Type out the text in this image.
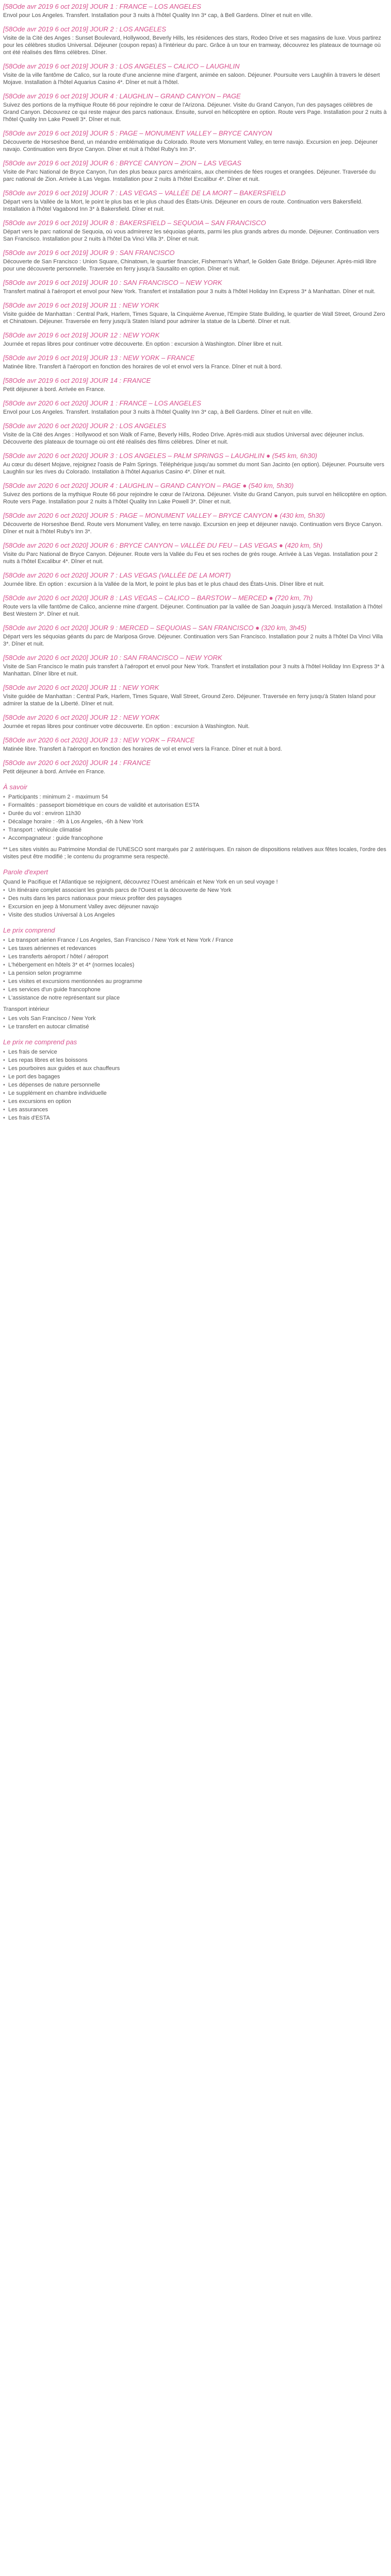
[58Ode avr 2019 6 oct 2019] JOUR 1 : FRANCE – LOS ANGELES
Envol pour Los Angeles. Transfert. Installation pour 3 nuits à l'hôtel Quality Inn 3* cap, à Bell Gardens. Dîner et nuit en ville.
[58Ode avr 2019 6 oct 2019] JOUR 2 : LOS ANGELES
Visite de la Cité des Anges : Sunset Boulevard, Hollywood, Beverly Hills, les résidences des stars, Rodeo Drive et ses magasins de luxe. Vous partirez pour les célèbres studios Universal. Déjeuner (coupon repas) à l'intérieur du parc. Grâce à un tour en tramway, découvrez les plateaux de tournage où ont été réalisés des films célèbres. Dîner.
[58Ode avr 2019 6 oct 2019] JOUR 3 : LOS ANGELES – CALICO – LAUGHLIN
Visite de la ville fantôme de Calico, sur la route d'une ancienne mine d'argent, animée en saloon. Déjeuner. Poursuite vers Laughlin à travers le désert Mojave. Installation à l'hôtel Aquarius Casino 4*. Dîner et nuit à l'hôtel.
[58Ode avr 2019 6 oct 2019] JOUR 4 : LAUGHLIN – GRAND CANYON – PAGE
Suivez des portions de la mythique Route 66 pour rejoindre le cœur de l'Arizona. Déjeuner. Visite du Grand Canyon, l'un des paysages célèbres de Grand Canyon. Découvrez ce qui reste majeur des parcs nationaux. Ensuite, survol en hélicoptère en option. Route vers Page. Installation pour 2 nuits à l'hôtel Quality Inn Lake Powell 3*. Dîner et nuit.
[58Ode avr 2019 6 oct 2019] JOUR 5 : PAGE – MONUMENT VALLEY – BRYCE CANYON
Découverte de Horseshoe Bend, un méandre emblématique du Colorado. Route vers Monument Valley, en terre navajo. Excursion en jeep. Déjeuner navajo. Continuation vers Bryce Canyon. Dîner et nuit à l'hôtel Ruby's Inn 3*.
[58Ode avr 2019 6 oct 2019] JOUR 6 : BRYCE CANYON – ZION – LAS VEGAS
Visite de Parc National de Bryce Canyon, l'un des plus beaux parcs américains, aux cheminées de fées rouges et orangées. Déjeuner. Traversée du parc national de Zion. Arrivée à Las Vegas. Installation pour 2 nuits à l'hôtel Excalibur 4*. Dîner et nuit.
[58Ode avr 2019 6 oct 2019] JOUR 7 : LAS VEGAS – VALLÉE DE LA MORT – BAKERSFIELD
Départ vers la Vallée de la Mort, le point le plus bas et le plus chaud des États-Unis. Déjeuner en cours de route. Continuation vers Bakersfield. Installation à l'hôtel Vagabond Inn 3* à Bakersfield. Dîner et nuit.
[58Ode avr 2019 6 oct 2019] JOUR 8 : BAKERSFIELD – SEQUOIA – SAN FRANCISCO
Départ vers le parc national de Sequoia, où vous admirerez les séquoias géants, parmi les plus grands arbres du monde. Déjeuner. Continuation vers San Francisco. Installation pour 2 nuits à l'hôtel Da Vinci Villa 3*. Dîner et nuit.
[58Ode avr 2019 6 oct 2019] JOUR 9 : SAN FRANCISCO
Découverte de San Francisco : Union Square, Chinatown, le quartier financier, Fisherman's Wharf, le Golden Gate Bridge. Déjeuner. Après-midi libre pour une découverte personnelle. Traversée en ferry jusqu'à Sausalito en option. Dîner et nuit.
[58Ode avr 2019 6 oct 2019] JOUR 10 : SAN FRANCISCO – NEW YORK
Transfert matinal à l'aéroport et envol pour New York. Transfert et installation pour 3 nuits à l'hôtel Holiday Inn Express 3* à Manhattan. Dîner et nuit.
[58Ode avr 2019 6 oct 2019] JOUR 11 : NEW YORK
Visite guidée de Manhattan : Central Park, Harlem, Times Square, la Cinquième Avenue, l'Empire State Building, le quartier de Wall Street, Ground Zero et Chinatown. Déjeuner. Traversée en ferry jusqu'à Staten Island pour admirer la statue de la Liberté. Dîner et nuit.
[58Ode avr 2019 6 oct 2019] JOUR 12 : NEW YORK
Journée et repas libres pour continuer votre découverte. En option : excursion à Washington. Dîner libre et nuit.
[58Ode avr 2019 6 oct 2019] JOUR 13 : NEW YORK – FRANCE
Matinée libre. Transfert à l'aéroport en fonction des horaires de vol et envol vers la France. Dîner et nuit à bord.
[58Ode avr 2019 6 oct 2019] JOUR 14 : FRANCE
Petit déjeuner à bord. Arrivée en France.
[58Ode avr 2020 6 oct 2020] JOUR 1 : FRANCE – LOS ANGELES
Envol pour Los Angeles. Transfert. Installation pour 3 nuits à l'hôtel Quality Inn 3* cap, à Bell Gardens. Dîner et nuit en ville.
[58Ode avr 2020 6 oct 2020] JOUR 2 : LOS ANGELES
Visite de la Cité des Anges : Hollywood et son Walk of Fame, Beverly Hills, Rodeo Drive. Après-midi aux studios Universal avec déjeuner inclus. Découverte des plateaux de tournage où ont été réalisés des films célèbres. Dîner et nuit.
[58Ode avr 2020 6 oct 2020] JOUR 3 : LOS ANGELES – PALM SPRINGS – LAUGHLIN ● (545 km, 6h30)
Au cœur du désert Mojave, rejoignez l'oasis de Palm Springs. Téléphérique jusqu'au sommet du mont San Jacinto (en option). Déjeuner. Poursuite vers Laughlin sur les rives du Colorado. Installation à l'hôtel Aquarius Casino 4*. Dîner et nuit.
[58Ode avr 2020 6 oct 2020] JOUR 4 : LAUGHLIN – GRAND CANYON – PAGE ● (540 km, 5h30)
Suivez des portions de la mythique Route 66 pour rejoindre le cœur de l'Arizona. Déjeuner. Visite du Grand Canyon, puis survol en hélicoptère en option. Route vers Page. Installation pour 2 nuits à l'hôtel Quality Inn Lake Powell 3*. Dîner et nuit.
[58Ode avr 2020 6 oct 2020] JOUR 5 : PAGE – MONUMENT VALLEY – BRYCE CANYON ● (430 km, 5h30)
Découverte de Horseshoe Bend. Route vers Monument Valley, en terre navajo. Excursion en jeep et déjeuner navajo. Continuation vers Bryce Canyon. Dîner et nuit à l'hôtel Ruby's Inn 3*.
[58Ode avr 2020 6 oct 2020] JOUR 6 : BRYCE CANYON – VALLÉE DU FEU – LAS VEGAS ● (420 km, 5h)
Visite du Parc National de Bryce Canyon. Déjeuner. Route vers la Vallée du Feu et ses roches de grès rouge. Arrivée à Las Vegas. Installation pour 2 nuits à l'hôtel Excalibur 4*. Dîner et nuit.
[58Ode avr 2020 6 oct 2020] JOUR 7 : LAS VEGAS (VALLÉE DE LA MORT)
Journée libre. En option : excursion à la Vallée de la Mort, le point le plus bas et le plus chaud des États-Unis. Dîner libre et nuit.
[58Ode avr 2020 6 oct 2020] JOUR 8 : LAS VEGAS – CALICO – BARSTOW – MERCED ● (720 km, 7h)
Route vers la ville fantôme de Calico, ancienne mine d'argent. Déjeuner. Continuation par la vallée de San Joaquin jusqu'à Merced. Installation à l'hôtel Best Western 3*. Dîner et nuit.
[58Ode avr 2020 6 oct 2020] JOUR 9 : MERCED – SEQUOIAS – SAN FRANCISCO ● (320 km, 3h45)
Départ vers les séquoias géants du parc de Mariposa Grove. Déjeuner. Continuation vers San Francisco. Installation pour 2 nuits à l'hôtel Da Vinci Villa 3*. Dîner et nuit.
[58Ode avr 2020 6 oct 2020] JOUR 10 : SAN FRANCISCO – NEW YORK
Visite de San Francisco le matin puis transfert à l'aéroport et envol pour New York. Transfert et installation pour 3 nuits à l'hôtel Holiday Inn Express 3* à Manhattan. Dîner libre et nuit.
[58Ode avr 2020 6 oct 2020] JOUR 11 : NEW YORK
Visite guidée de Manhattan : Central Park, Harlem, Times Square, Wall Street, Ground Zero. Déjeuner. Traversée en ferry jusqu'à Staten Island pour admirer la statue de la Liberté. Dîner et nuit.
[58Ode avr 2020 6 oct 2020] JOUR 12 : NEW YORK
Journée et repas libres pour continuer votre découverte. En option : excursion à Washington. Nuit.
[58Ode avr 2020 6 oct 2020] JOUR 13 : NEW YORK – FRANCE
Matinée libre. Transfert à l'aéroport en fonction des horaires de vol et envol vers la France. Dîner et nuit à bord.
[58Ode avr 2020 6 oct 2020] JOUR 14 : FRANCE
Petit déjeuner à bord. Arrivée en France.
À savoir
• Participants : minimum 2 - maximum 54
• Formalités : passeport biométrique en cours de validité et autorisation ESTA
• Durée du vol : environ 11h30
• Décalage horaire : -9h à Los Angeles, -6h à New York
• Transport : véhicule climatisé
• Accompagnateur : guide francophone
** Les sites visités au Patrimoine Mondial de l'UNESCO sont marqués par 2 astérisques. En raison de dispositions relatives aux fêtes locales, l'ordre des visites peut être modifié ; le contenu du programme sera respecté.
Parole d'expert
Quand le Pacifique et l'Atlantique se rejoignent, découvrez l'Ouest américain et New York en un seul voyage !
• Un itinéraire complet associant les grands parcs de l'Ouest et la découverte de New York
• Des nuits dans les parcs nationaux pour mieux profiter des paysages
• Excursion en jeep à Monument Valley avec déjeuner navajo
• Visite des studios Universal à Los Angeles
Le prix comprend
• Le transport aérien France / Los Angeles, San Francisco / New York et New York / France
• Les taxes aériennes et redevances
• Les transferts aéroport / hôtel / aéroport
• L'hébergement en hôtels 3* et 4* (normes locales)
• La pension selon programme
• Les visites et excursions mentionnées au programme
• Les services d'un guide francophone
• L'assistance de notre représentant sur place
Transport intérieur
• Les vols San Francisco / New York
• Le transfert en autocar climatisé
Le prix ne comprend pas
• Les frais de service
• Les repas libres et les boissons
• Les pourboires aux guides et aux chauffeurs
• Le port des bagages
• Les dépenses de nature personnelle
• Le supplément en chambre individuelle
• Les excursions en option
• Les assurances
• Les frais d'ESTA
